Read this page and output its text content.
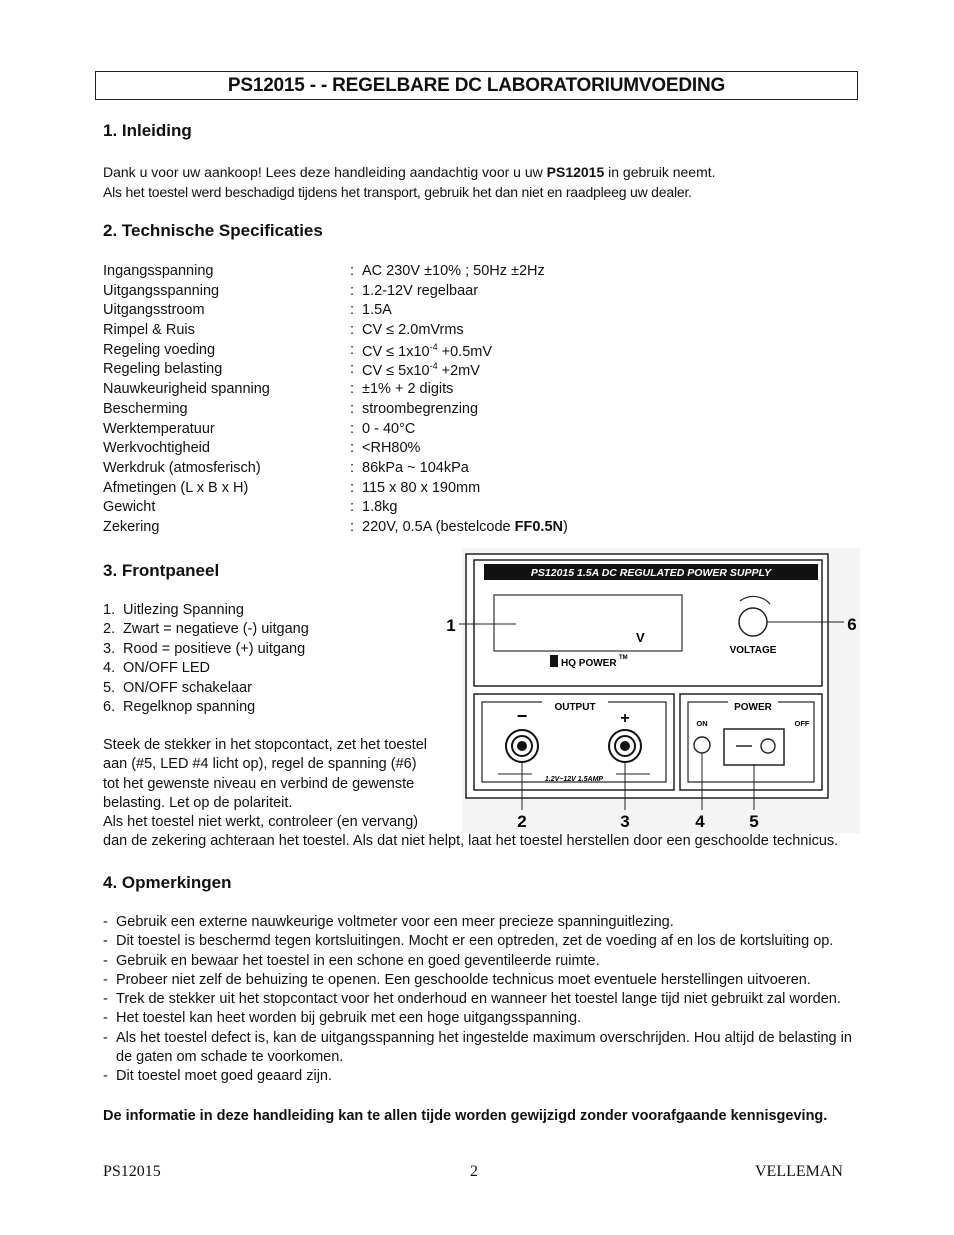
PS12015 - - REGELBARE DC LABORATORIUMVOEDING
1. Inleiding
Dank u voor uw aankoop! Lees deze handleiding aandachtig voor u uw PS12015 in gebruik neemt.
Als het toestel werd beschadigd tijdens het transport, gebruik het dan niet en raadpleeg uw dealer.
2. Technische Specificaties
Ingangsspanning	: AC 230V ±10% ; 50Hz ±2Hz
Uitgangsspanning	: 1.2-12V regelbaar
Uitgangsstroom	: 1.5A
Rimpel & Ruis	: CV ≤ 2.0mVrms
Regeling voeding	: CV ≤ $1x10^{-4} +0.5mV$
Regeling belasting	: CV ≤ $5x10^{-4} +2mV$
Nauwkeurigheid spanning	: ±1% + 2 digits
Bescherming	: stroombegrenzing
Werktemperatuur	: 0 - 40°C
Werkvochtigheid	: <RH80%
Werkdruk (atmosferisch)	: 86kPa ~ 104kPa
Afmetingen (L x B x H)	: 115 x 80 x 190mm
Gewicht	: 1.8kg
Zekering	: 220V, 0.5A (bestelcode FF0.5N)
3. Frontpaneel
1. Uitlezing Spanning
2. Zwart = negatieve (-) uitgang
3. Rood = positieve (+) uitgang
4. ON/OFF LED
5. ON/OFF schakelaar
6. Regelknop spanning
Steek de stekker in het stopcontact, zet het toestel
aan (#5, LED #4 licht op), regel de spanning (#6)
tot het gewenste niveau en verbind de gewenste
belasting. Let op de polariteit.
Als het toestel niet werkt, controleer (en vervang)
dan de zekering achteraan het toestel. Als dat niet helpt, laat het toestel herstellen door een geschoolde technicus.
PS12015 1.5A DC REGULATED POWER SUPPLY
V
HQ POWER TM
VOLTAGE
OUTPUT
−	+
1.2V~12V 1.5AMP
POWER
ON	OFF
1
2	3	4	5
6
4. Opmerkingen
- Gebruik een externe nauwkeurige voltmeter voor een meer precieze spanninguitlezing.
- Dit toestel is beschermd tegen kortsluitingen. Mocht er een optreden, zet de voeding af en los de kortsluiting op.
- Gebruik en bewaar het toestel in een schone en goed geventileerde ruimte.
- Probeer niet zelf de behuizing te openen. Een geschoolde technicus moet eventuele herstellingen uitvoeren.
- Trek de stekker uit het stopcontact voor het onderhoud en wanneer het toestel lange tijd niet gebruikt zal worden.
- Het toestel kan heet worden bij gebruik met een hoge uitgangsspanning.
- Als het toestel defect is, kan de uitgangsspanning het ingestelde maximum overschrijden. Hou altijd de belasting in de gaten om schade te voorkomen.
- Dit toestel moet goed geaard zijn.
De informatie in deze handleiding kan te allen tijde worden gewijzigd zonder voorafgaande kennisgeving.
PS12015	2	VELLEMAN
